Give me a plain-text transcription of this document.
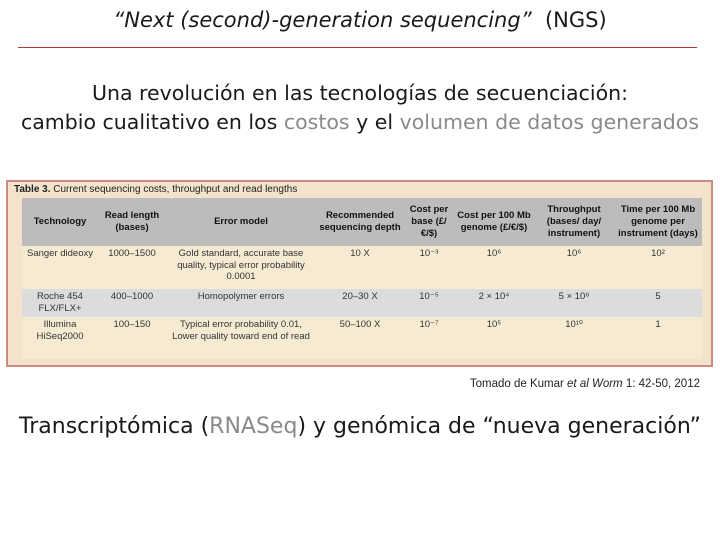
“Next (second)-generation sequencing” (NGS)
Una revolución en las tecnologías de secuenciación:
cambio cualitativo en los costos y el volumen de datos generados
Table 3. Current sequencing costs, throughput and read lengths
Technology	Read length (bases)	Error model	Recommended sequencing depth	Cost per base (£/€/$)	Cost per 100 Mb genome (£/€/$)	Throughput (bases/ day/ instrument)	Time per 100 Mb genome per instrument (days)
Sanger dideoxy	1000–1500	Gold standard, accurate base quality, typical error probability 0.0001	10 X	10⁻³	10⁶	10⁶	10²
Roche 454 FLX/FLX+	400–1000	Homopolymer errors	20–30 X	10⁻⁵	2 × 10⁴	5 × 10⁸	5
Illumina HiSeq2000	100–150	Typical error probability 0.01, Lower quality toward end of read	50–100 X	10⁻⁷	10⁵	10¹⁰	1
Tomado de Kumar et al Worm 1: 42-50, 2012
Transcriptómica (RNASeq) y genómica de “nueva generación”
